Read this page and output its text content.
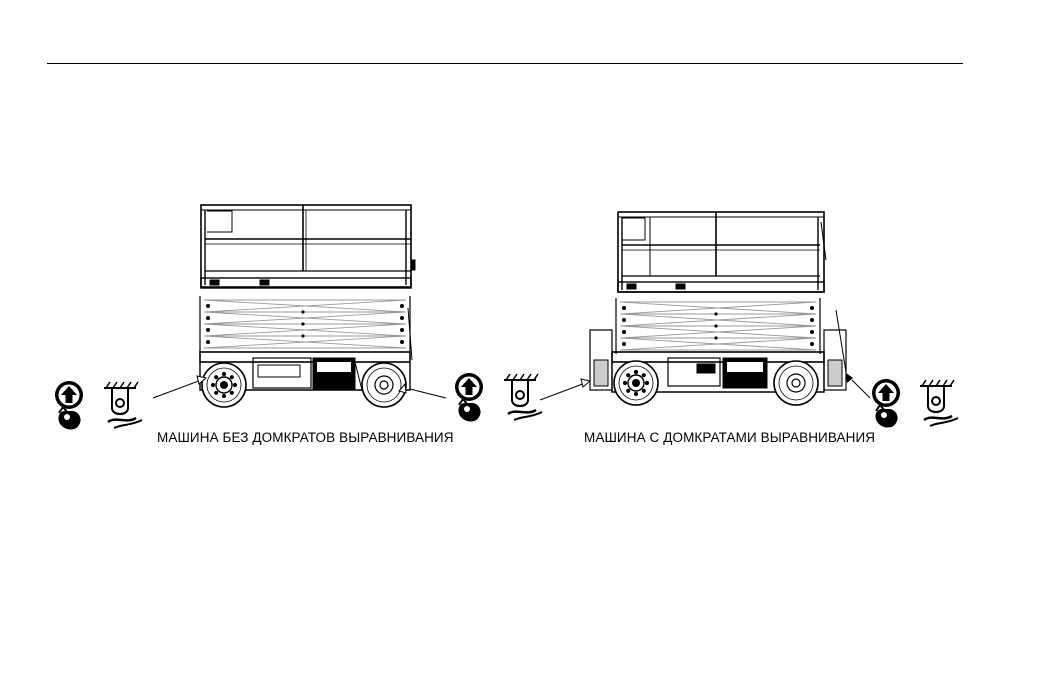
МАШИНА БЕЗ ДОМКРАТОВ ВЫРАВНИВАНИЯ	МАШИНА С ДОМКРАТАМИ ВЫРАВНИВАНИЯ
